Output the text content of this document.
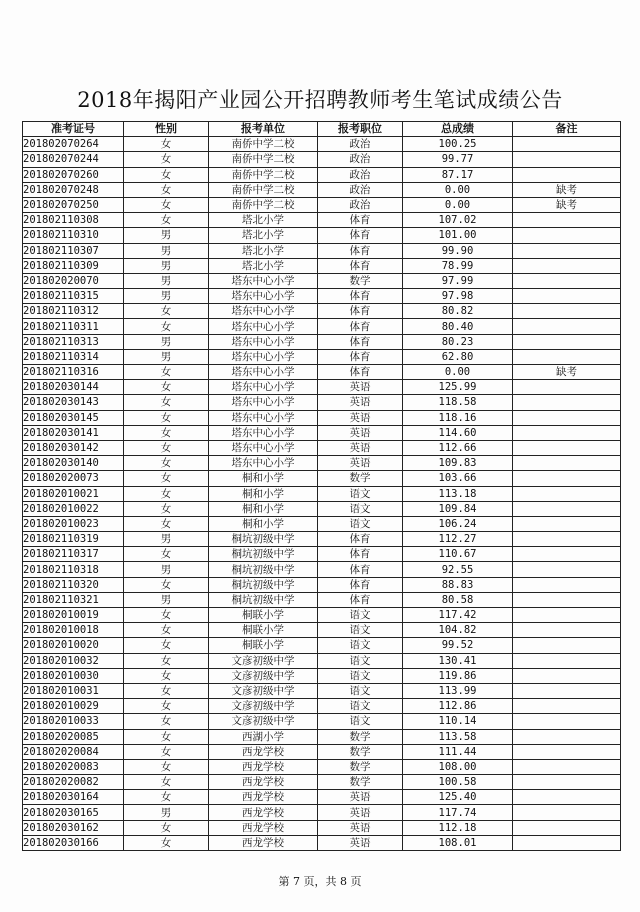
2018年揭阳产业园公开招聘教师考生笔试成绩公告
准考证号	性别	报考单位	报考职位	总成绩	备注
201802070264	女	南侨中学二校	政治	100.25	
201802070244	女	南侨中学二校	政治	99.77	
201802070260	女	南侨中学二校	政治	87.17	
201802070248	女	南侨中学二校	政治	0.00	缺考
201802070250	女	南侨中学二校	政治	0.00	缺考
201802110308	女	塔北小学	体育	107.02	
201802110310	男	塔北小学	体育	101.00	
201802110307	男	塔北小学	体育	99.90	
201802110309	男	塔北小学	体育	78.99	
201802020070	男	塔东中心小学	数学	97.99	
201802110315	男	塔东中心小学	体育	97.98	
201802110312	女	塔东中心小学	体育	80.82	
201802110311	女	塔东中心小学	体育	80.40	
201802110313	男	塔东中心小学	体育	80.23	
201802110314	男	塔东中心小学	体育	62.80	
201802110316	女	塔东中心小学	体育	0.00	缺考
201802030144	女	塔东中心小学	英语	125.99	
201802030143	女	塔东中心小学	英语	118.58	
201802030145	女	塔东中心小学	英语	118.16	
201802030141	女	塔东中心小学	英语	114.60	
201802030142	女	塔东中心小学	英语	112.66	
201802030140	女	塔东中心小学	英语	109.83	
201802020073	女	桐和小学	数学	103.66	
201802010021	女	桐和小学	语文	113.18	
201802010022	女	桐和小学	语文	109.84	
201802010023	女	桐和小学	语文	106.24	
201802110319	男	桐坑初级中学	体育	112.27	
201802110317	女	桐坑初级中学	体育	110.67	
201802110318	男	桐坑初级中学	体育	92.55	
201802110320	女	桐坑初级中学	体育	88.83	
201802110321	男	桐坑初级中学	体育	80.58	
201802010019	女	桐联小学	语文	117.42	
201802010018	女	桐联小学	语文	104.82	
201802010020	女	桐联小学	语文	99.52	
201802010032	女	文彦初级中学	语文	130.41	
201802010030	女	文彦初级中学	语文	119.86	
201802010031	女	文彦初级中学	语文	113.99	
201802010029	女	文彦初级中学	语文	112.86	
201802010033	女	文彦初级中学	语文	110.14	
201802020085	女	西湖小学	数学	113.58	
201802020084	女	西龙学校	数学	111.44	
201802020083	女	西龙学校	数学	108.00	
201802020082	女	西龙学校	数学	100.58	
201802030164	女	西龙学校	英语	125.40	
201802030165	男	西龙学校	英语	117.74	
201802030162	女	西龙学校	英语	112.18	
201802030166	女	西龙学校	英语	108.01	
第 7 页，共 8 页
